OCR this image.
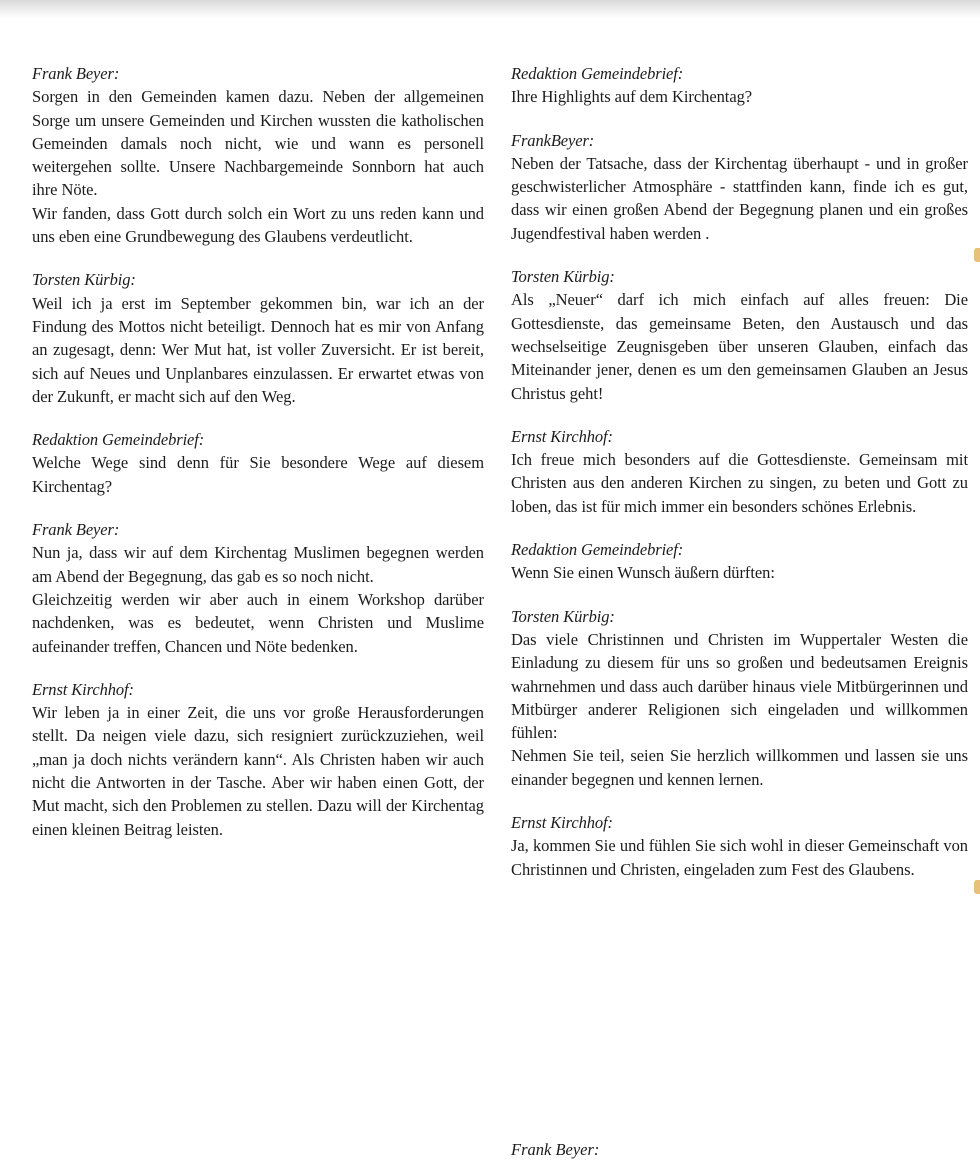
Frank Beyer:

Sorgen in den Gemeinden kamen dazu. Neben der allgemeinen Sorge um unsere Gemeinden und Kirchen wussten die katholischen Gemeinden damals noch nicht, wie und wann es personell weitergehen sollte. Unsere Nachbargemeinde Sonnborn hat auch ihre Nöte.

Wir fanden, dass Gott durch solch ein Wort zu uns reden kann und uns eben eine Grundbewegung des Glaubens verdeutlicht.

Torsten Kürbig:

Weil ich ja erst im September gekommen bin, war ich an der Findung des Mottos nicht beteiligt. Dennoch hat es mir von Anfang an zugesagt, denn: Wer Mut hat, ist voller Zuversicht. Er ist bereit, sich auf Neues und Unplanbares einzulassen. Er erwartet etwas von der Zukunft, er macht sich auf den Weg.

Redaktion Gemeindebrief:

Welche Wege sind denn für Sie besondere Wege auf diesem Kirchentag?

Frank Beyer:

Nun ja, dass wir auf dem Kirchentag Muslimen begegnen werden am Abend der Begegnung, das gab es so noch nicht.

Gleichzeitig werden wir aber auch in einem Workshop darüber nachdenken, was es bedeutet, wenn Christen und Muslime aufeinander treffen, Chancen und Nöte bedenken.

Ernst Kirchhof:

Wir leben ja in einer Zeit, die uns vor große Herausforderungen stellt. Da neigen viele dazu, sich resigniert zurückzuziehen, weil „man ja doch nichts verändern kann“. Als Christen haben wir auch nicht die Antworten in der Tasche. Aber wir haben einen Gott, der Mut macht, sich den Problemen zu stellen. Dazu will der Kirchentag einen kleinen Beitrag leisten.

Redaktion Gemeindebrief:

Ihre Highlights auf dem Kirchentag?

FrankBeyer:

Neben der Tatsache, dass der Kirchentag überhaupt - und in großer geschwisterlicher Atmosphäre - stattfinden kann, finde ich es gut, dass wir einen großen Abend der Begegnung planen und ein großes Jugendfestival haben werden .

Torsten Kürbig:

Als „Neuer“ darf ich mich einfach auf alles freuen: Die Gottesdienste, das gemeinsame Beten, den Austausch und das wechselseitige Zeugnisgeben über unseren Glauben, einfach das Miteinander jener, denen es um den gemeinsamen Glauben an Jesus Christus geht!

Ernst Kirchhof:

Ich freue mich besonders auf die Gottesdienste. Gemeinsam mit Christen aus den anderen Kirchen zu singen, zu beten und Gott zu loben, das ist für mich immer ein besonders schönes Erlebnis.

Redaktion Gemeindebrief:

Wenn Sie einen Wunsch äußern dürften:

Torsten Kürbig:

Das viele Christinnen und Christen im Wuppertaler Westen die Einladung zu diesem für uns so großen und bedeutsamen Ereignis wahrnehmen und dass auch darüber hinaus viele Mitbürgerinnen und Mitbürger anderer Religionen sich eingeladen und willkommen fühlen:

Nehmen Sie teil, seien Sie herzlich willkommen und lassen sie uns einander begegnen und kennen lernen.

Ernst Kirchhof:

Ja, kommen Sie und fühlen Sie sich wohl in dieser Gemeinschaft von Christinnen und Christen, eingeladen zum Fest des Glaubens.

Frank Beyer:
